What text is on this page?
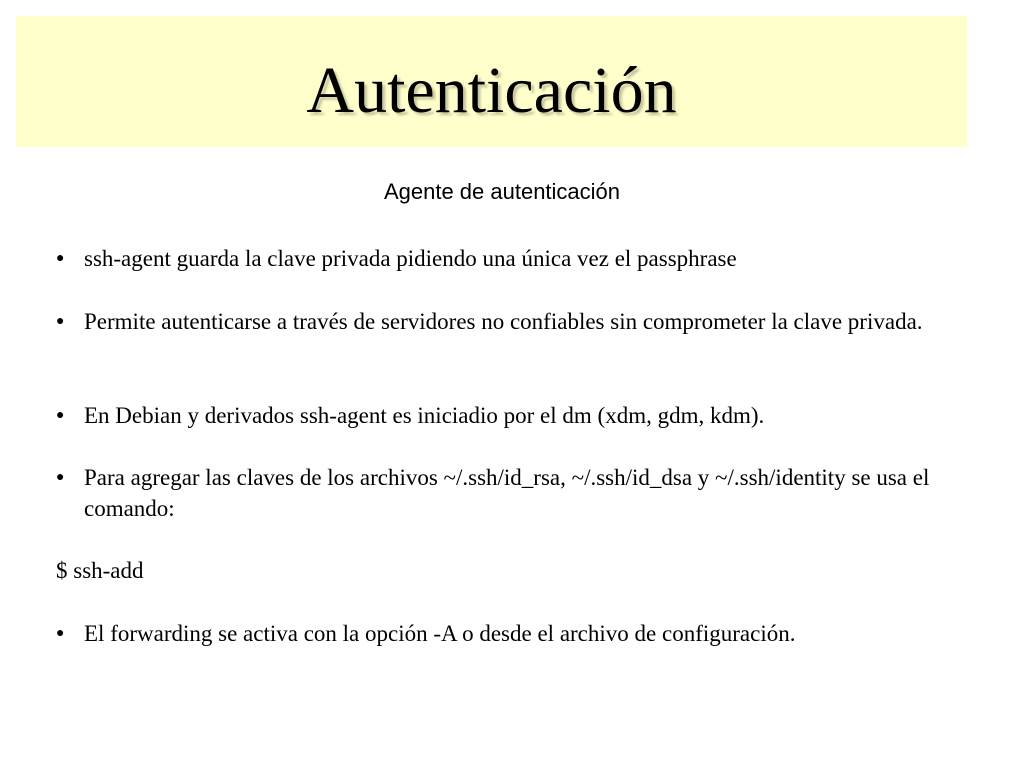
Autenticación
Agente de autenticación
● ssh-agent guarda la clave privada pidiendo una única vez el passphrase
● Permite autenticarse a través de servidores no confiables sin comprometer la clave privada.
● En Debian y derivados ssh-agent es iniciadio por el dm (xdm, gdm, kdm).
● Para agregar las claves de los archivos ~/.ssh/id_rsa, ~/.ssh/id_dsa y ~/.ssh/identity se usa el comando:
$ ssh-add
● El forwarding se activa con la opción -A o desde el archivo de configuración.
